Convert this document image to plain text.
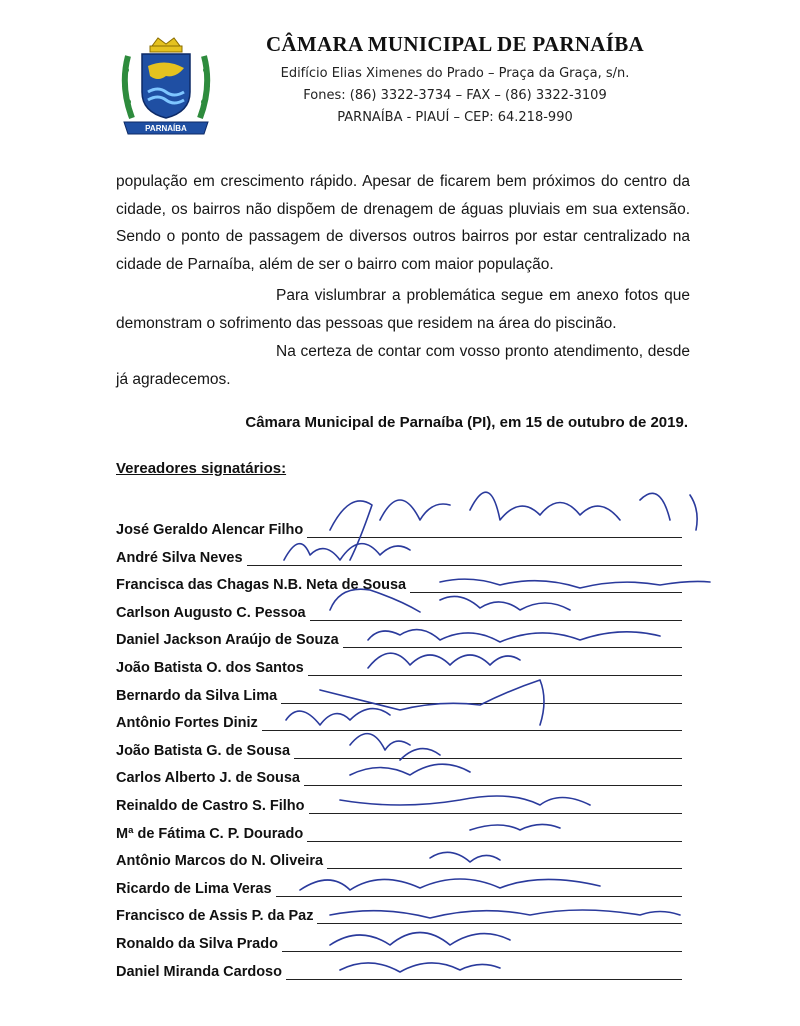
PARNAÍBA
CÂMARA MUNICIPAL DE PARNAÍBA

Edifício Elias Ximenes do Prado – Praça da Graça, s/n.

Fones: (86) 3322-3734 – FAX – (86) 3322-3109

PARNAÍBA - PIAUÍ – CEP: 64.218-990

população em crescimento rápido. Apesar de ficarem bem próximos do centro da cidade, os bairros não dispõem de drenagem de águas pluviais em sua extensão. Sendo o ponto de passagem de diversos outros bairros por estar centralizado na cidade de Parnaíba, além de ser o bairro com maior população.

Para vislumbrar a problemática segue em anexo fotos que demonstram o sofrimento das pessoas que residem na área do piscinão.

Na certeza de contar com vosso pronto atendimento, desde já agradecemos.

Câmara Municipal de Parnaíba (PI), em 15 de outubro de 2019.
Vereadores signatários:
José Geraldo Alencar Filho
André Silva Neves
Francisca das Chagas N.B. Neta de Sousa
Carlson Augusto C. Pessoa
Daniel Jackson Araújo de Souza
João Batista O. dos Santos
Bernardo da Silva Lima
Antônio Fortes Diniz
João Batista G. de Sousa
Carlos Alberto J. de Sousa
Reinaldo de Castro S. Filho
Mª de Fátima C. P. Dourado
Antônio Marcos do N. Oliveira
Ricardo de Lima Veras
Francisco de Assis P. da Paz
Ronaldo da Silva Prado
Daniel Miranda Cardoso
